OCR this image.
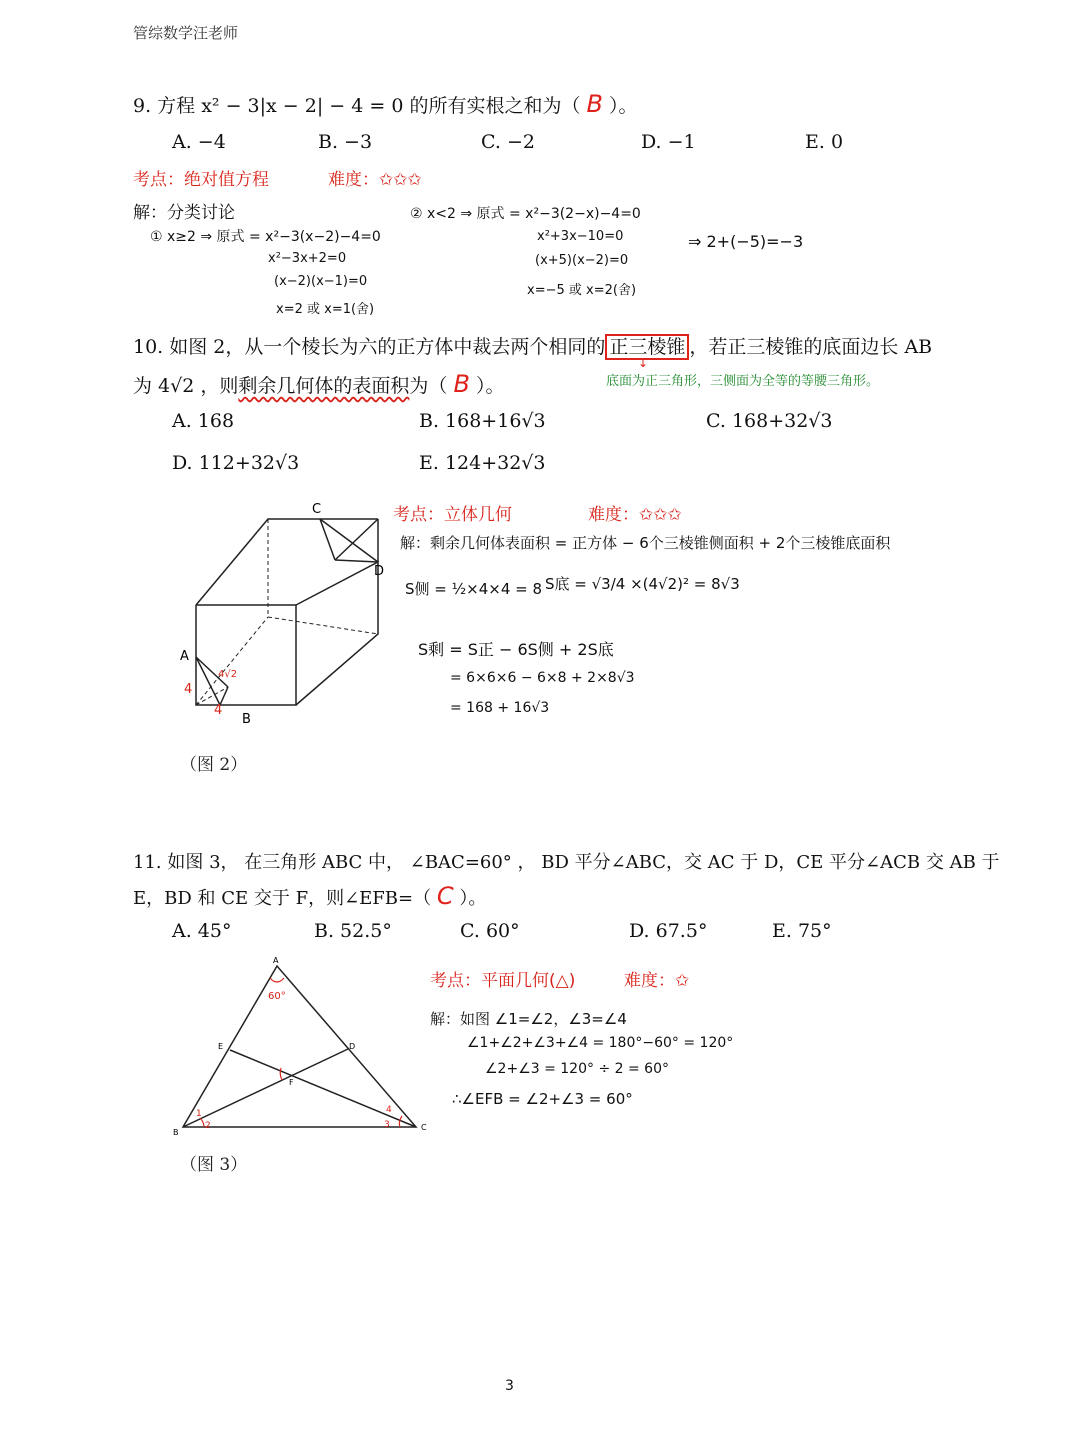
管综数学汪老师
9. 方程 x² − 3|x − 2| − 4 = 0 的所有实根之和为（ B ）。
A. −4	B. −3	C. −2	D. −1	E. 0
考点：绝对值方程	难度：✩✩✩
解：分类讨论
① x≥2 ⇒ 原式 = x²−3(x−2)−4=0
x²−3x+2=0
(x−2)(x−1)=0
x=2 或 x=1(舍)
② x<2 ⇒ 原式 = x²−3(2−x)−4=0
x²+3x−10=0
(x+5)(x−2)=0
x=−5 或 x=2(舍)
⇒ 2+(−5)=−3
10. 如图 2，从一个棱长为六的正方体中裁去两个相同的 正三棱锥 ，若正三棱锥的底面边长 AB
为 4√2 ，则剩余几何体的表面积为（ B ）。	底面为正三角形，三侧面为全等的等腰三角形。
↓
A. 168	B. 168+16√3	C. 168+32√3
D. 112+32√3	E. 124+32√3
C
D
A
B
4
4
4√2
（图 2）
考点：立体几何	难度：✩✩✩
解：剩余几何体表面积 = 正方体 − 6个三棱锥侧面积 + 2个三棱锥底面积
S侧 = ½×4×4 = 8 S底 = √3/4 ×(4√2)² = 8√3
S剩 = S正 − 6S侧 + 2S底
= 6×6×6 − 6×8 + 2×8√3
= 168 + 16√3
11. 如图 3， 在三角形 ABC 中， ∠BAC=60° ， BD 平分∠ABC，交 AC 于 D，CE 平分∠ACB 交 AB 于
E，BD 和 CE 交于 F，则∠EFB=（ C ）。
A. 45°	B. 52.5°	C. 60°	D. 67.5°	E. 75°
A
B
C
D
E
F
60°
1
2	3
4
（图 3）
考点：平面几何(△)	难度：✩
解：如图 ∠1=∠2，∠3=∠4
∠1+∠2+∠3+∠4 = 180°−60° = 120°
∠2+∠3 = 120° ÷ 2 = 60°
∴∠EFB = ∠2+∠3 = 60°
3
